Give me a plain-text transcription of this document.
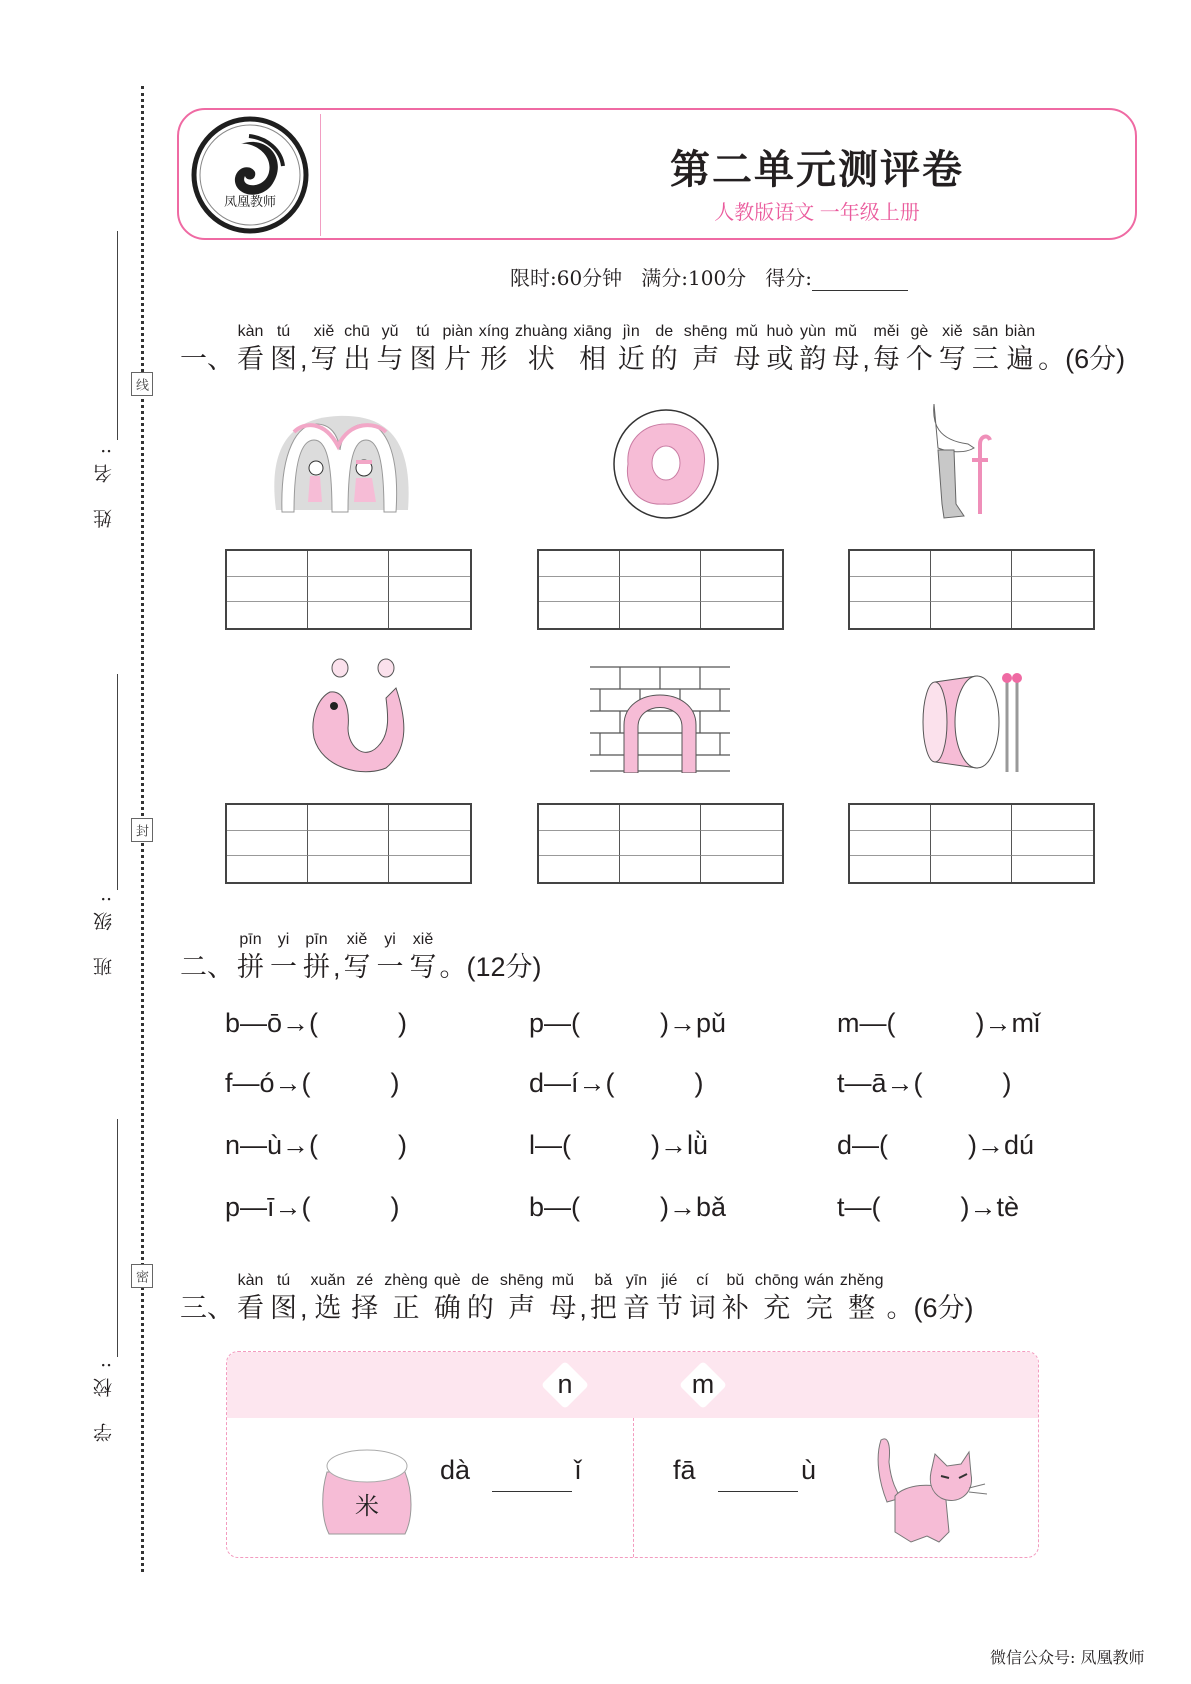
姓 名:
班 级:
学 校:
线
封
密
凤凰教师
第二单元测评卷
人教版语文 一年级上册
限时:60分钟 满分:100分 得分:
一、
kàn
看
tú
图 ,
xiě
写
chū
出
yǔ
与
tú
图
piàn
片
xíng
形
zhuàng
状
xiāng
相
jìn
近
de
的
shēng
声
mǔ
母
huò
或
yùn
韵
mǔ
母 ,
měi
每
gè
个
xiě
写
sān
三
biàn
遍 。(6分)
二、
pīn
拼
yi
一
pīn
拼 ,
xiě
写
yi
一
xiě
写 。(12分)
b—ō→(	)	p—(	)→pǔ	m—(	)→mǐ
f—ó→(	)	d—í→(	)	t—ā→(	)
n—ù→(	)	l—(	)→lǜ	d—(	)→dú
p—ī→(	)	b—(	)→bǎ	t—(	)→tè
三、
kàn
看
tú
图 ,
xuǎn
选
zé
择
zhèng
正
què
确
de
的
shēng
声
mǔ
母 ,
bǎ
把
yīn
音
jié
节
cí
词
bǔ
补
chōng
充
wán
完
zhěng
整 。(6分)
n	m
米
dà	ǐ	fā	ù
微信公众号: 凤凰教师
